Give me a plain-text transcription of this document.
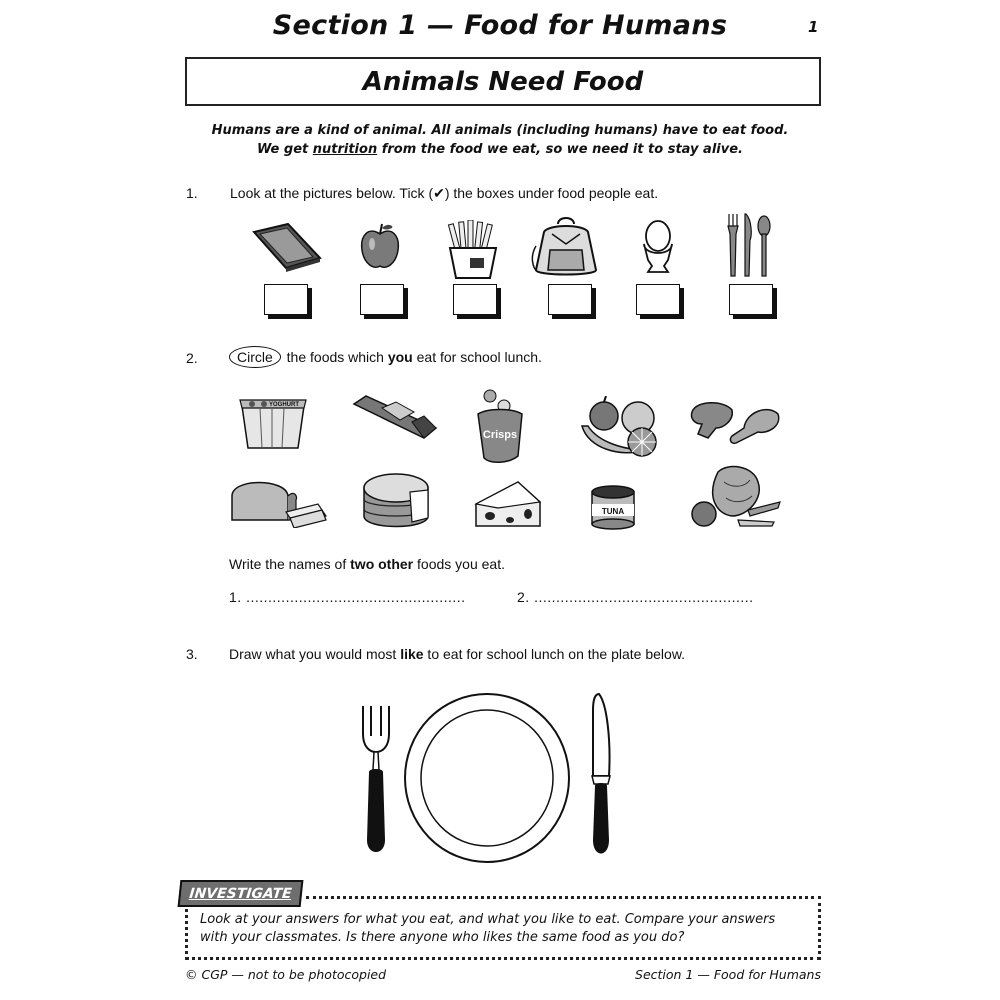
Section 1 — Food for Humans	1
Animals Need Food
Humans are a kind of animal. All animals (including humans) have to eat food.
We get nutrition from the food we eat, so we need it to stay alive.
1. Look at the pictures below. Tick (✔) the boxes under food people eat.
2.	Circle the foods which you eat for school lunch.
YOGHURT
Crisps
TUNA
Write the names of two other foods you eat.
1. ..................................................	2. ..................................................
3. Draw what you would most like to eat for school lunch on the plate below.
INVESTIGATE
Look at your answers for what you eat, and what you like to eat. Compare your answers
with your classmates. Is there anyone who likes the same food as you do?
© CGP — not to be photocopied	Section 1 — Food for Humans
